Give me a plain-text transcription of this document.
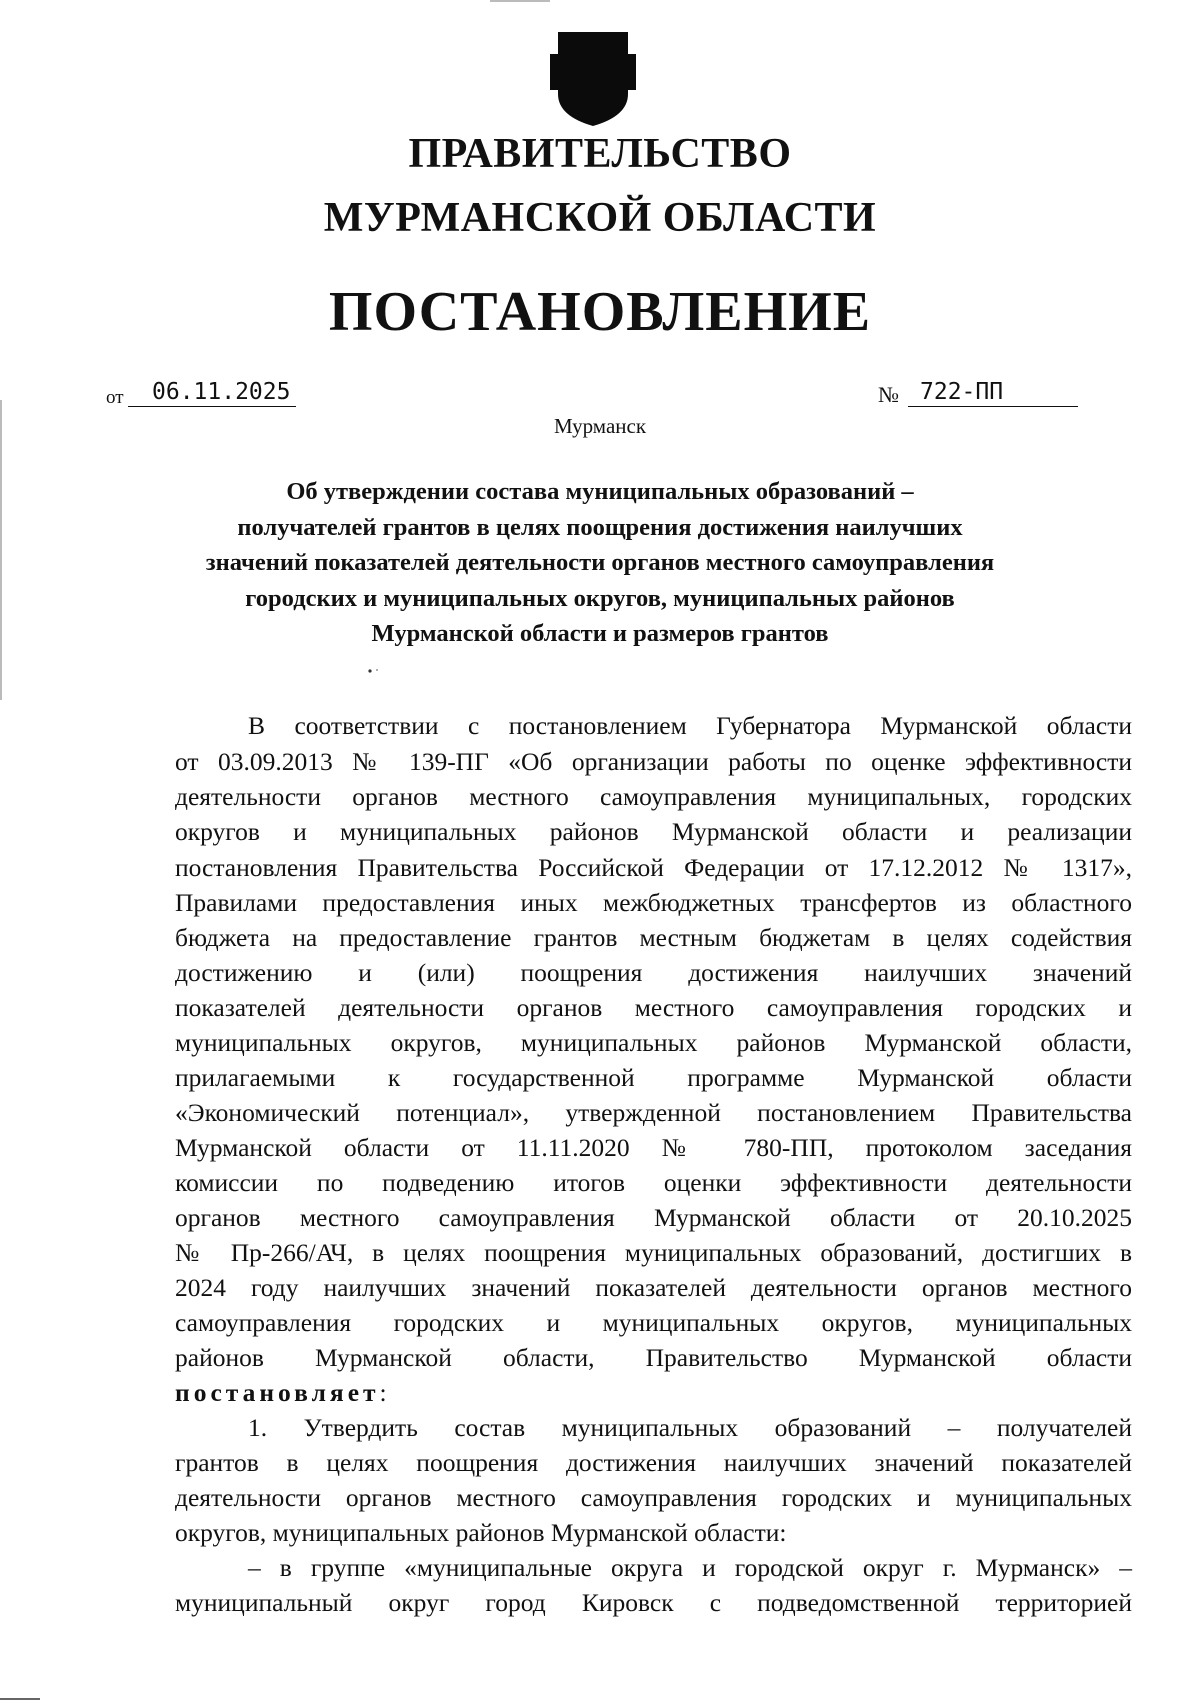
ПРАВИТЕЛЬСТВО
МУРМАНСКОЙ ОБЛАСТИ
ПОСТАНОВЛЕНИЕ
от	06.11.2025	№ 722-ПП
Мурманск
Об утверждении состава муниципальных образований –
получателей грантов в целях поощрения достижения наилучших
значений показателей деятельности органов местного самоуправления
городских и муниципальных округов, муниципальных районов
Мурманской области и размеров грантов
В соответствии с постановлением Губернатора Мурманской области
от 03.09.2013 № 139-ПГ «Об организации работы по оценке эффективности
деятельности органов местного самоуправления муниципальных, городских
округов и муниципальных районов Мурманской области и реализации
постановления Правительства Российской Федерации от 17.12.2012 № 1317»,
Правилами предоставления иных межбюджетных трансфертов из областного
бюджета на предоставление грантов местным бюджетам в целях содействия
достижению и (или) поощрения достижения наилучших значений
показателей деятельности органов местного самоуправления городских и
муниципальных округов, муниципальных районов Мурманской области,
прилагаемыми к государственной программе Мурманской области
«Экономический потенциал», утвержденной постановлением Правительства
Мурманской области от 11.11.2020 № 780-ПП, протоколом заседания
комиссии по подведению итогов оценки эффективности деятельности
органов местного самоуправления Мурманской области от 20.10.2025
№ Пр-266/АЧ, в целях поощрения муниципальных образований, достигших в
2024 году наилучших значений показателей деятельности органов местного
самоуправления городских и муниципальных округов, муниципальных
районов Мурманской области, Правительство Мурманской области
постановляет:
1. Утвердить состав муниципальных образований – получателей
грантов в целях поощрения достижения наилучших значений показателей
деятельности органов местного самоуправления городских и муниципальных
округов, муниципальных районов Мурманской области:
– в группе «муниципальные округа и городской округ г. Мурманск» –
муниципальный округ город Кировск с подведомственной территорией
